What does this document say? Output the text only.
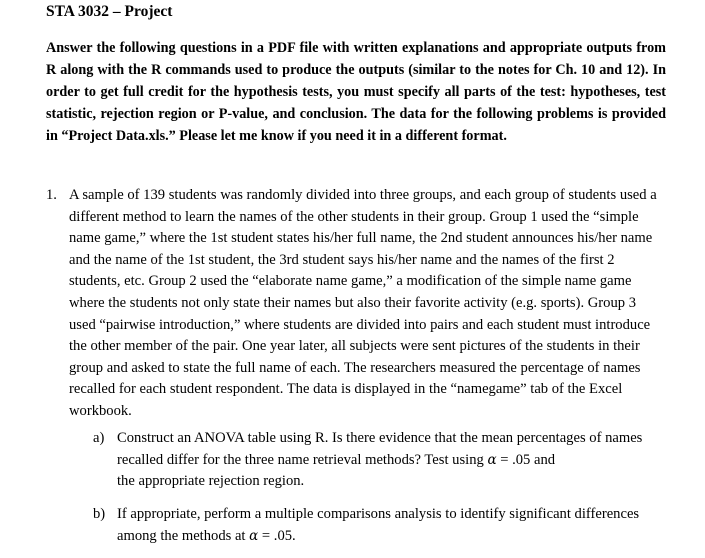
STA 3032 – Project
Answer the following questions in a PDF file with written explanations and appropriate outputs from R along with the R commands used to produce the outputs (similar to the notes for Ch. 10 and 12). In order to get full credit for the hypothesis tests, you must specify all parts of the test: hypotheses, test statistic, rejection region or P-value, and conclusion. The data for the following problems is provided in “Project Data.xls.” Please let me know if you need it in a different format.
1. A sample of 139 students was randomly divided into three groups, and each group of students used a different method to learn the names of the other students in their group. Group 1 used the “simple name game,” where the 1st student states his/her full name, the 2nd student announces his/her name and the name of the 1st student, the 3rd student says his/her name and the names of the first 2 students, etc. Group 2 used the “elaborate name game,” a modification of the simple name game where the students not only state their names but also their favorite activity (e.g. sports). Group 3 used “pairwise introduction,” where students are divided into pairs and each student must introduce the other member of the pair. One year later, all subjects were sent pictures of the students in their group and asked to state the full name of each. The researchers measured the percentage of names recalled for each student respondent. The data is displayed in the “namegame” tab of the Excel workbook.
a) Construct an ANOVA table using R. Is there evidence that the mean percentages of names recalled differ for the three name retrieval methods? Test using α = .05 and
the appropriate rejection region.
b) If appropriate, perform a multiple comparisons analysis to identify significant differences among the methods at α = .05.
